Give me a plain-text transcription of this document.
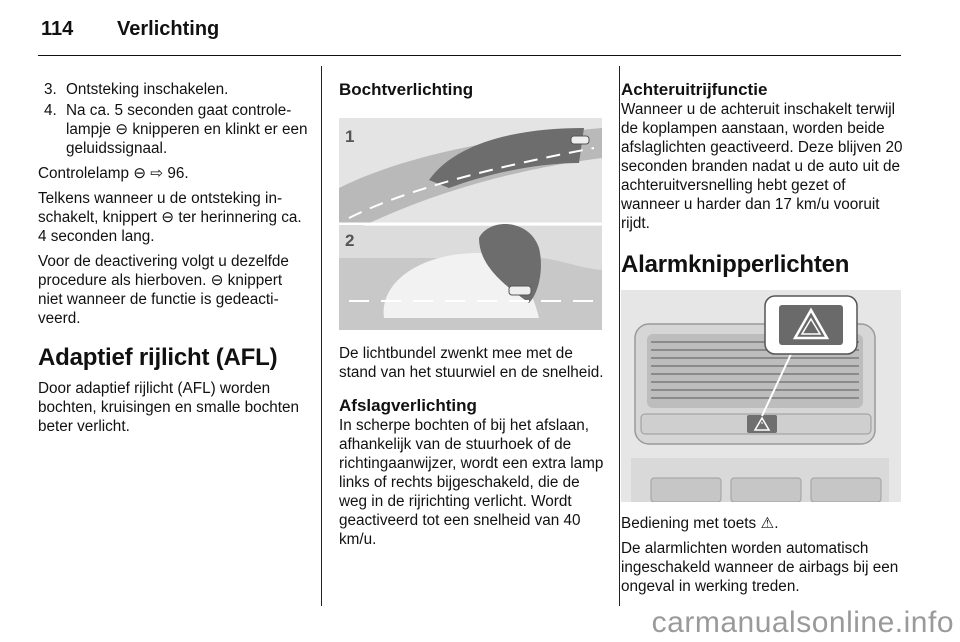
114 Verlichting
3. Ontsteking inschakelen.
4. Na ca. 5 seconden gaat controlelampje ⊖ knipperen en klinkt er een geluidssignaal.

Controlelamp ⊖ ⇨ 96.

Telkens wanneer u de ontsteking inschakelt, knippert ⊖ ter herinnering ca. 4 seconden lang.

Voor de deactivering volgt u dezelfde procedure als hierboven. ⊖ knippert niet wanneer de functie is gedeactiveerd.

Adaptief rijlicht (AFL)

Door adaptief rijlicht (AFL) worden bochten, kruisingen en smalle bochten beter verlicht.

Bochtverlichting
1
2

De lichtbundel zwenkt mee met de stand van het stuurwiel en de snelheid.

Afslagverlichting

In scherpe bochten of bij het afslaan, afhankelijk van de stuurhoek of de richtingaanwijzer, wordt een extra lamp links of rechts bijgeschakeld, die de weg in de rijrichting verlicht. Wordt geactiveerd tot een snelheid van 40 km/u.

Achteruitrijfunctie

Wanneer u de achteruit inschakelt terwijl de koplampen aanstaan, worden beide afslaglichten geactiveerd. Deze blijven 20 seconden branden nadat u de auto uit de achteruitversnelling hebt gezet of wanneer u harder dan 17 km/u vooruit rijdt.

Alarmknipperlichten

Bediening met toets ⚠.

De alarmlichten worden automatisch ingeschakeld wanneer de airbags bij een ongeval in werking treden.

carmanualsonline.info
